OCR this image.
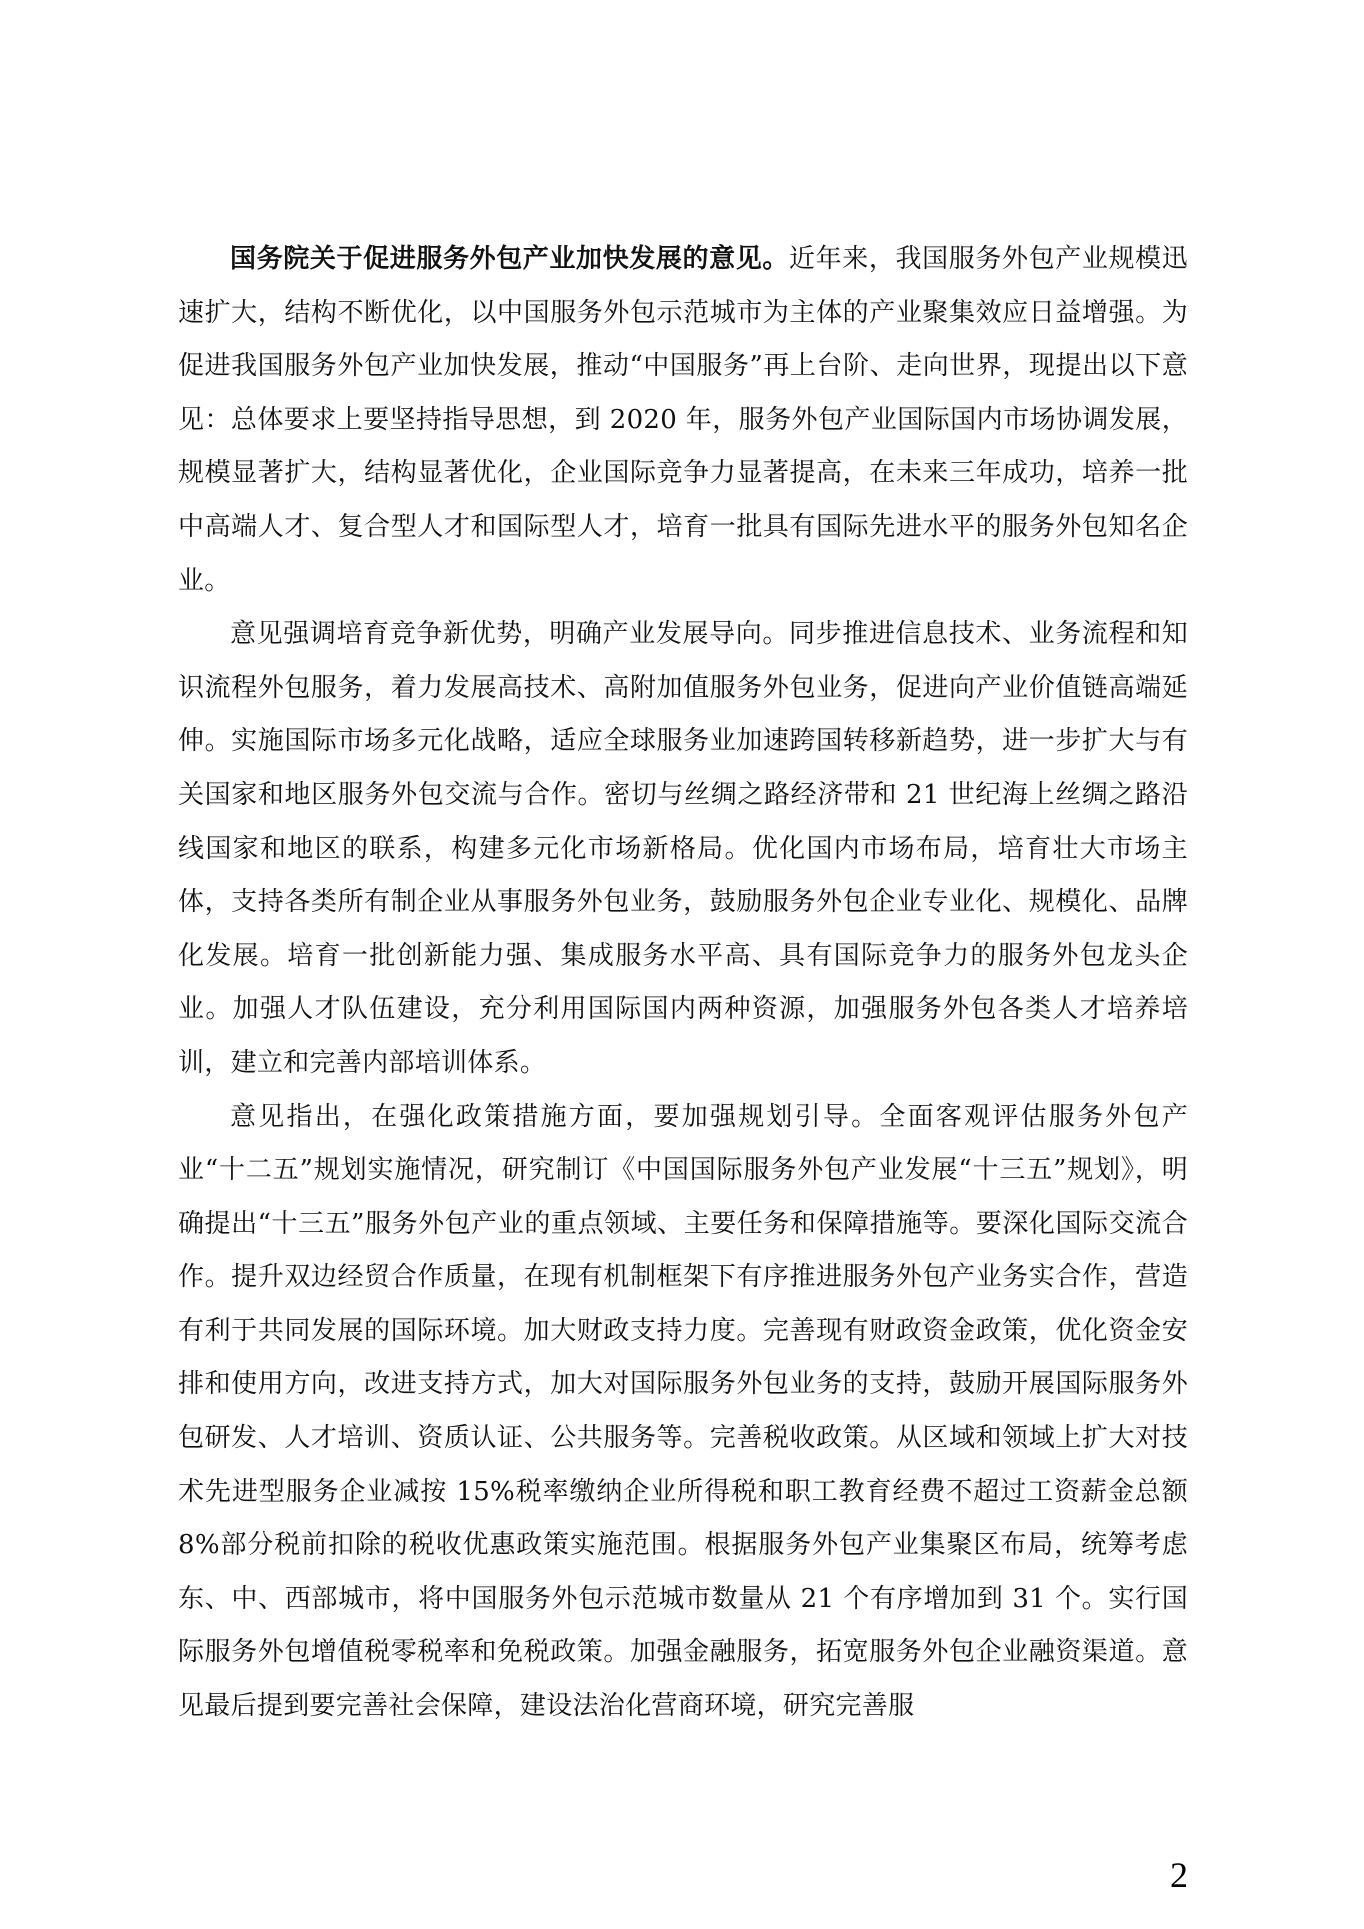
国务院关于促进服务外包产业加快发展的意见。近年来，我国服务外包产业规模迅速扩大，结构不断优化，以中国服务外包示范城市为主体的产业聚集效应日益增强。为促进我国服务外包产业加快发展，推动“中国服务”再上台阶、走向世界，现提出以下意见：总体要求上要坚持指导思想，到 2020 年，服务外包产业国际国内市场协调发展，规模显著扩大，结构显著优化，企业国际竞争力显著提高，在未来三年成功，培养一批中高端人才、复合型人才和国际型人才，培育一批具有国际先进水平的服务外包知名企业。

意见强调培育竞争新优势，明确产业发展导向。同步推进信息技术、业务流程和知识流程外包服务，着力发展高技术、高附加值服务外包业务，促进向产业价值链高端延伸。实施国际市场多元化战略，适应全球服务业加速跨国转移新趋势，进一步扩大与有关国家和地区服务外包交流与合作。密切与丝绸之路经济带和 21 世纪海上丝绸之路沿线国家和地区的联系，构建多元化市场新格局。优化国内市场布局，培育壮大市场主体，支持各类所有制企业从事服务外包业务，鼓励服务外包企业专业化、规模化、品牌化发展。培育一批创新能力强、集成服务水平高、具有国际竞争力的服务外包龙头企业。加强人才队伍建设，充分利用国际国内两种资源，加强服务外包各类人才培养培训，建立和完善内部培训体系。

意见指出，在强化政策措施方面，要加强规划引导。全面客观评估服务外包产业“十二五”规划实施情况，研究制订《中国国际服务外包产业发展“十三五”规划》，明确提出“十三五”服务外包产业的重点领域、主要任务和保障措施等。要深化国际交流合作。提升双边经贸合作质量，在现有机制框架下有序推进服务外包产业务实合作，营造有利于共同发展的国际环境。加大财政支持力度。完善现有财政资金政策，优化资金安排和使用方向，改进支持方式，加大对国际服务外包业务的支持，鼓励开展国际服务外包研发、人才培训、资质认证、公共服务等。完善税收政策。从区域和领域上扩大对技术先进型服务企业减按 15%税率缴纳企业所得税和职工教育经费不超过工资薪金总额 8%部分税前扣除的税收优惠政策实施范围。根据服务外包产业集聚区布局，统筹考虑东、中、西部城市，将中国服务外包示范城市数量从 21 个有序增加到 31 个。实行国际服务外包增值税零税率和免税政策。加强金融服务，拓宽服务外包企业融资渠道。意见最后提到要完善社会保障，建设法治化营商环境，研究完善服

2
